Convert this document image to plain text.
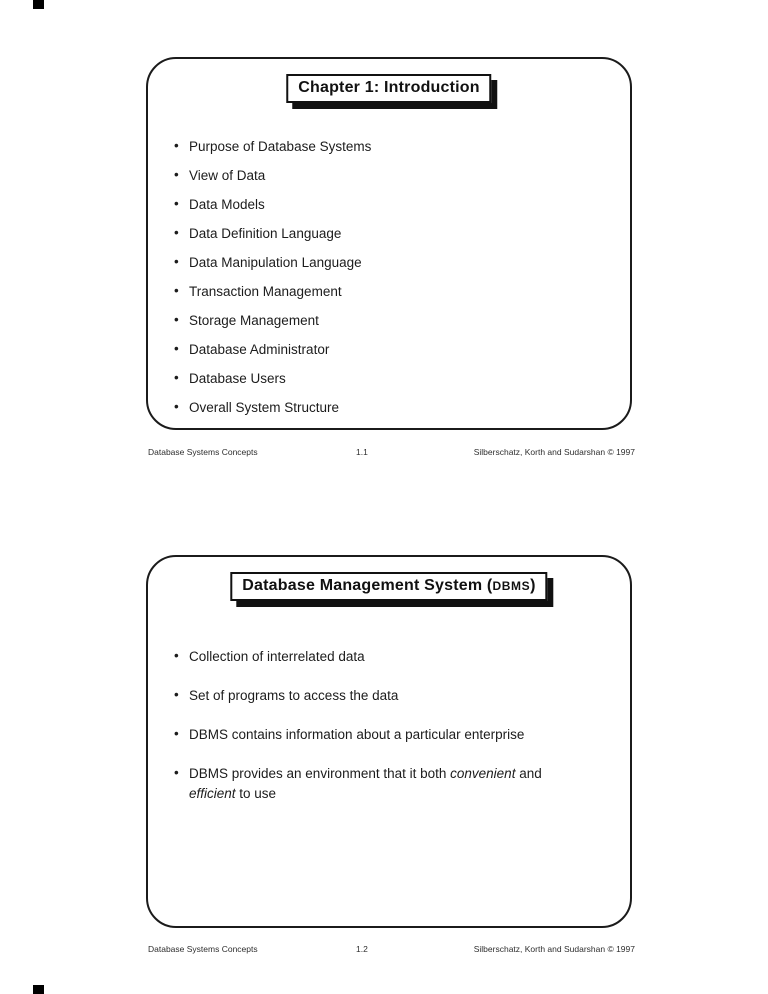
Chapter 1: Introduction
• Purpose of Database Systems
• View of Data
• Data Models
• Data Definition Language
• Data Manipulation Language
• Transaction Management
• Storage Management
• Database Administrator
• Database Users
• Overall System Structure
Database Systems Concepts	1.1	Silberschatz, Korth and Sudarshan © 1997
Database Management System (DBMS)
• Collection of interrelated data
• Set of programs to access the data
• DBMS contains information about a particular enterprise
• DBMS provides an environment that it both convenient and
efficient to use
Database Systems Concepts	1.2	Silberschatz, Korth and Sudarshan © 1997
